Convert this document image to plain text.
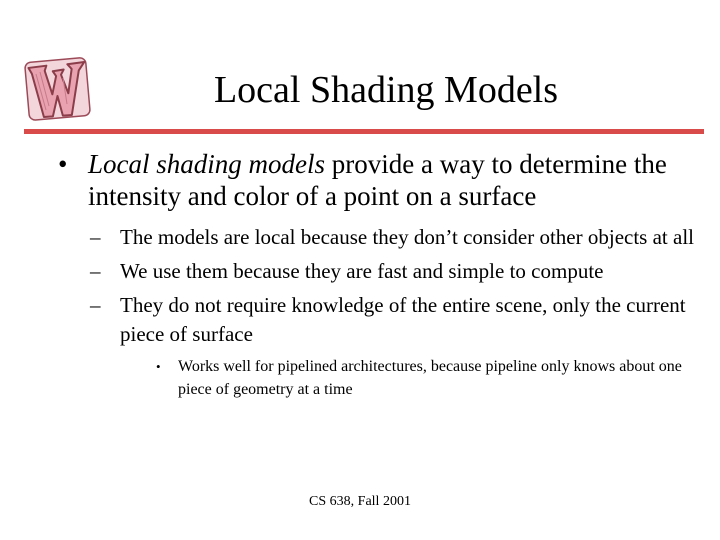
Local Shading Models
• Local shading models provide a way to determine the intensity and color of a point on a surface
– The models are local because they don’t consider other objects at all
– We use them because they are fast and simple to compute
– They do not require knowledge of the entire scene, only the current piece of surface
• Works well for pipelined architectures, because pipeline only knows about one piece of geometry at a time
CS 638, Fall 2001
